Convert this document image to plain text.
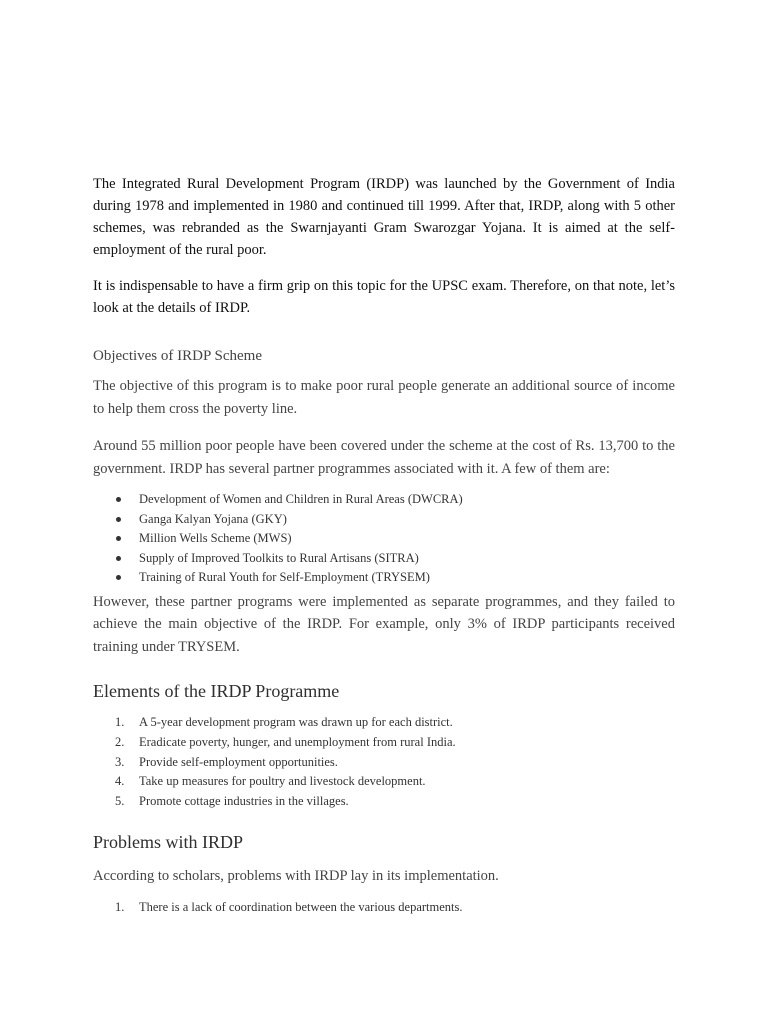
The Integrated Rural Development Program (IRDP) was launched by the Government of India during 1978 and implemented in 1980 and continued till 1999. After that, IRDP, along with 5 other schemes, was rebranded as the Swarnjayanti Gram Swarozgar Yojana. It is aimed at the self-employment of the rural poor.

It is indispensable to have a firm grip on this topic for the UPSC exam. Therefore, on that note, let’s look at the details of IRDP.

Objectives of IRDP Scheme

The objective of this program is to make poor rural people generate an additional source of income to help them cross the poverty line.

Around 55 million poor people have been covered under the scheme at the cost of Rs. 13,700 to the government. IRDP has several partner programmes associated with it. A few of them are:

Development of Women and Children in Rural Areas (DWCRA)
Ganga Kalyan Yojana (GKY)
Million Wells Scheme (MWS)
Supply of Improved Toolkits to Rural Artisans (SITRA)
Training of Rural Youth for Self-Employment (TRYSEM)

However, these partner programs were implemented as separate programmes, and they failed to achieve the main objective of the IRDP. For example, only 3% of IRDP participants received training under TRYSEM.

Elements of the IRDP Programme
1.	A 5-year development program was drawn up for each district.
2.	Eradicate poverty, hunger, and unemployment from rural India.
3.	Provide self-employment opportunities.
4.	Take up measures for poultry and livestock development.
5.	Promote cottage industries in the villages.
Problems with IRDP

According to scholars, problems with IRDP lay in its implementation.

1.	There is a lack of coordination between the various departments.
